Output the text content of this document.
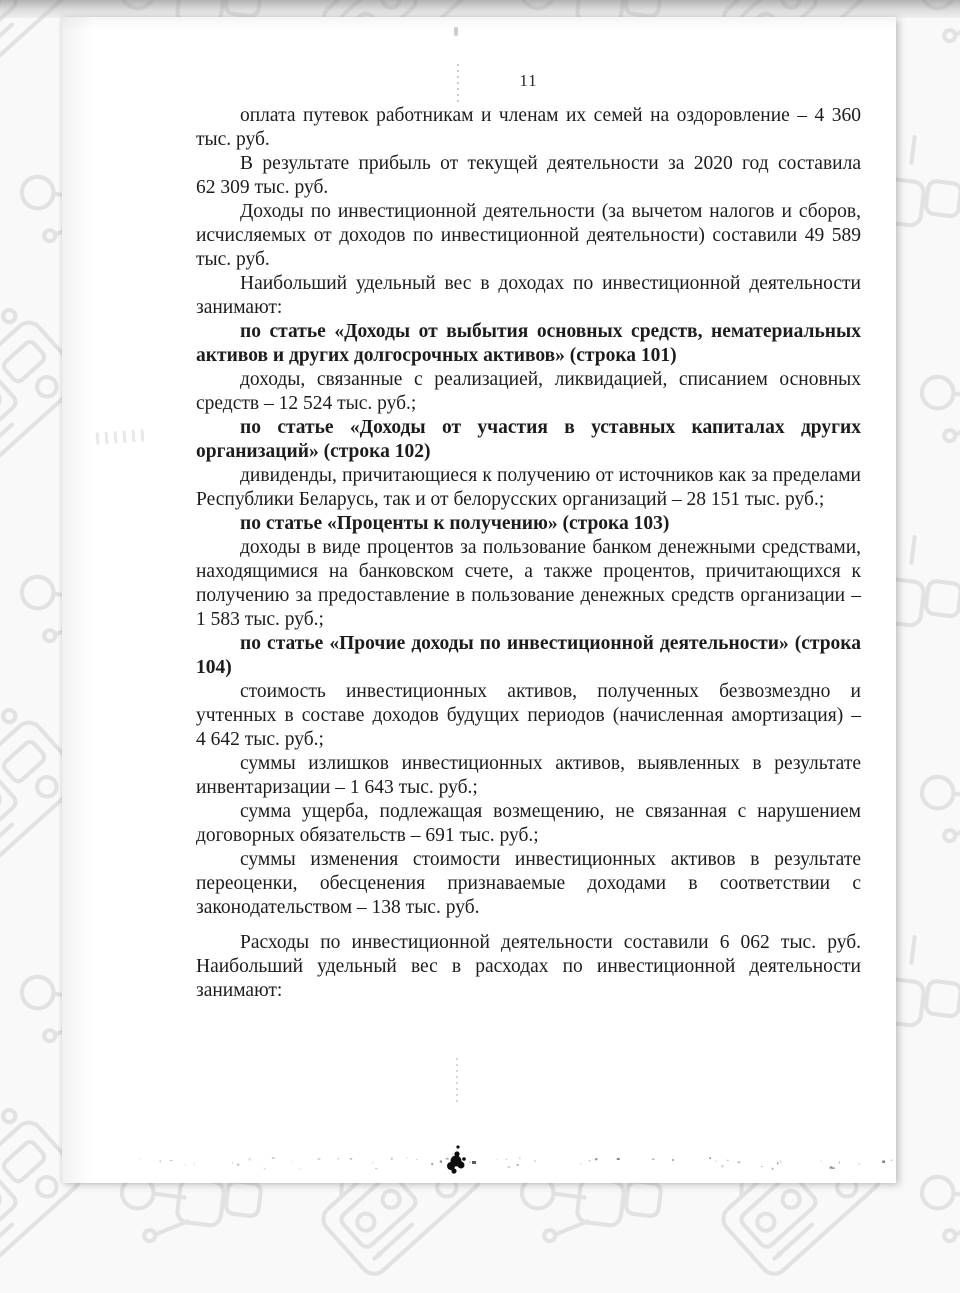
11

оплата путевок работникам и членам их семей на оздоровление – 4 360 тыс. руб.

В результате прибыль от текущей деятельности за 2020 год составила 62 309 тыс. руб.

Доходы по инвестиционной деятельности (за вычетом налогов и сборов, исчисляемых от доходов по инвестиционной деятельности) составили 49 589 тыс. руб.

Наибольший удельный вес в доходах по инвестиционной деятельности занимают:

по статье «Доходы от выбытия основных средств, нематериальных активов и других долгосрочных активов» (строка 101)

доходы, связанные с реализацией, ликвидацией, списанием основных средств – 12 524 тыс. руб.;

по статье «Доходы от участия в уставных капиталах других организаций» (строка 102)

дивиденды, причитающиеся к получению от источников как за пределами Республики Беларусь, так и от белорусских организаций – 28 151 тыс. руб.;

по статье «Проценты к получению» (строка 103)

доходы в виде процентов за пользование банком денежными средствами, находящимися на банковском счете, а также процентов, причитающихся к получению за предоставление в пользование денежных средств организации – 1 583 тыс. руб.;

по статье «Прочие доходы по инвестиционной деятельности» (строка 104)

стоимость инвестиционных активов, полученных безвозмездно и учтенных в составе доходов будущих периодов (начисленная амортизация) – 4 642 тыс. руб.;

суммы излишков инвестиционных активов, выявленных в результате инвентаризации – 1 643 тыс. руб.;

сумма ущерба, подлежащая возмещению, не связанная с нарушением договорных обязательств – 691 тыс. руб.;

суммы изменения стоимости инвестиционных активов в результате переоценки, обесценения признаваемые доходами в соответствии с законодательством – 138 тыс. руб.

Расходы по инвестиционной деятельности составили 6 062 тыс. руб. Наибольший удельный вес в расходах по инвестиционной деятельности занимают:
